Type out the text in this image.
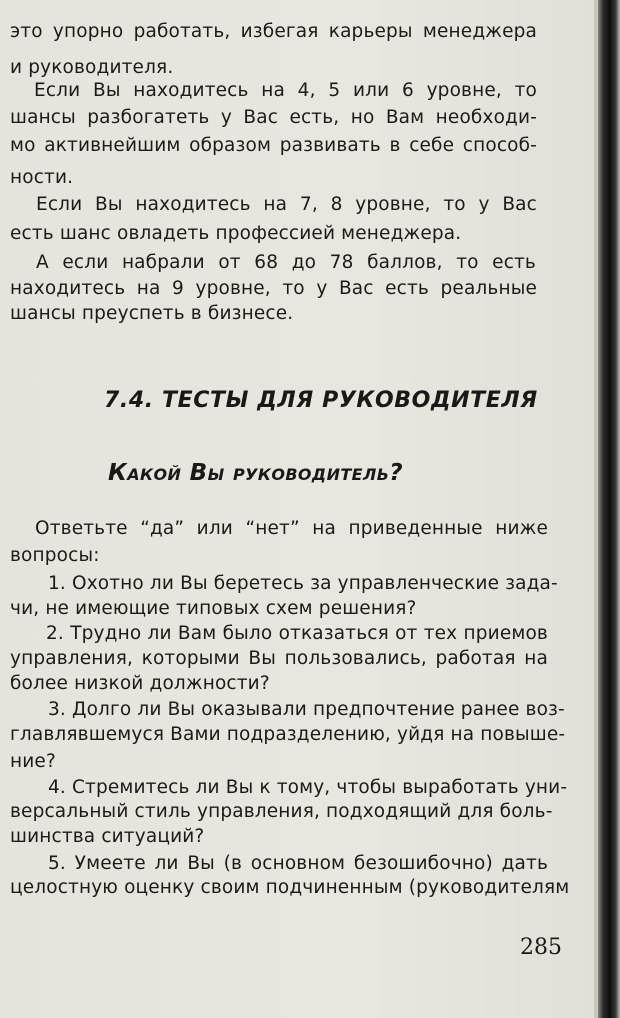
это упорно работать, избегая карьеры менеджера
и руководителя.
Если Вы находитесь на 4, 5 или 6 уровне, то
шансы разбогатеть у Вас есть, но Вам необходи-
мо активнейшим образом развивать в себе способ-
ности.
Если Вы находитесь на 7, 8 уровне, то у Вас
есть шанс овладеть профессией менеджера.
А если набрали от 68 до 78 баллов, то есть
находитесь на 9 уровне, то у Вас есть реальные
шансы преуспеть в бизнесе.
7.4. ТЕСТЫ ДЛЯ РУКОВОДИТЕЛЯ
Какой Вы руководитель?
Ответьте “да” или “нет” на приведенные ниже
вопросы:
1. Охотно ли Вы беретесь за управленческие зада-
чи, не имеющие типовых схем решения?
2. Трудно ли Вам было отказаться от тех приемов
управления, которыми Вы пользовались, работая на
более низкой должности?
3. Долго ли Вы оказывали предпочтение ранее воз-
главлявшемуся Вами подразделению, уйдя на повыше-
ние?
4. Стремитесь ли Вы к тому, чтобы выработать уни-
версальный стиль управления, подходящий для боль-
шинства ситуаций?
5. Умеете ли Вы (в основном безошибочно) дать
целостную оценку своим подчиненным (руководителям
285
